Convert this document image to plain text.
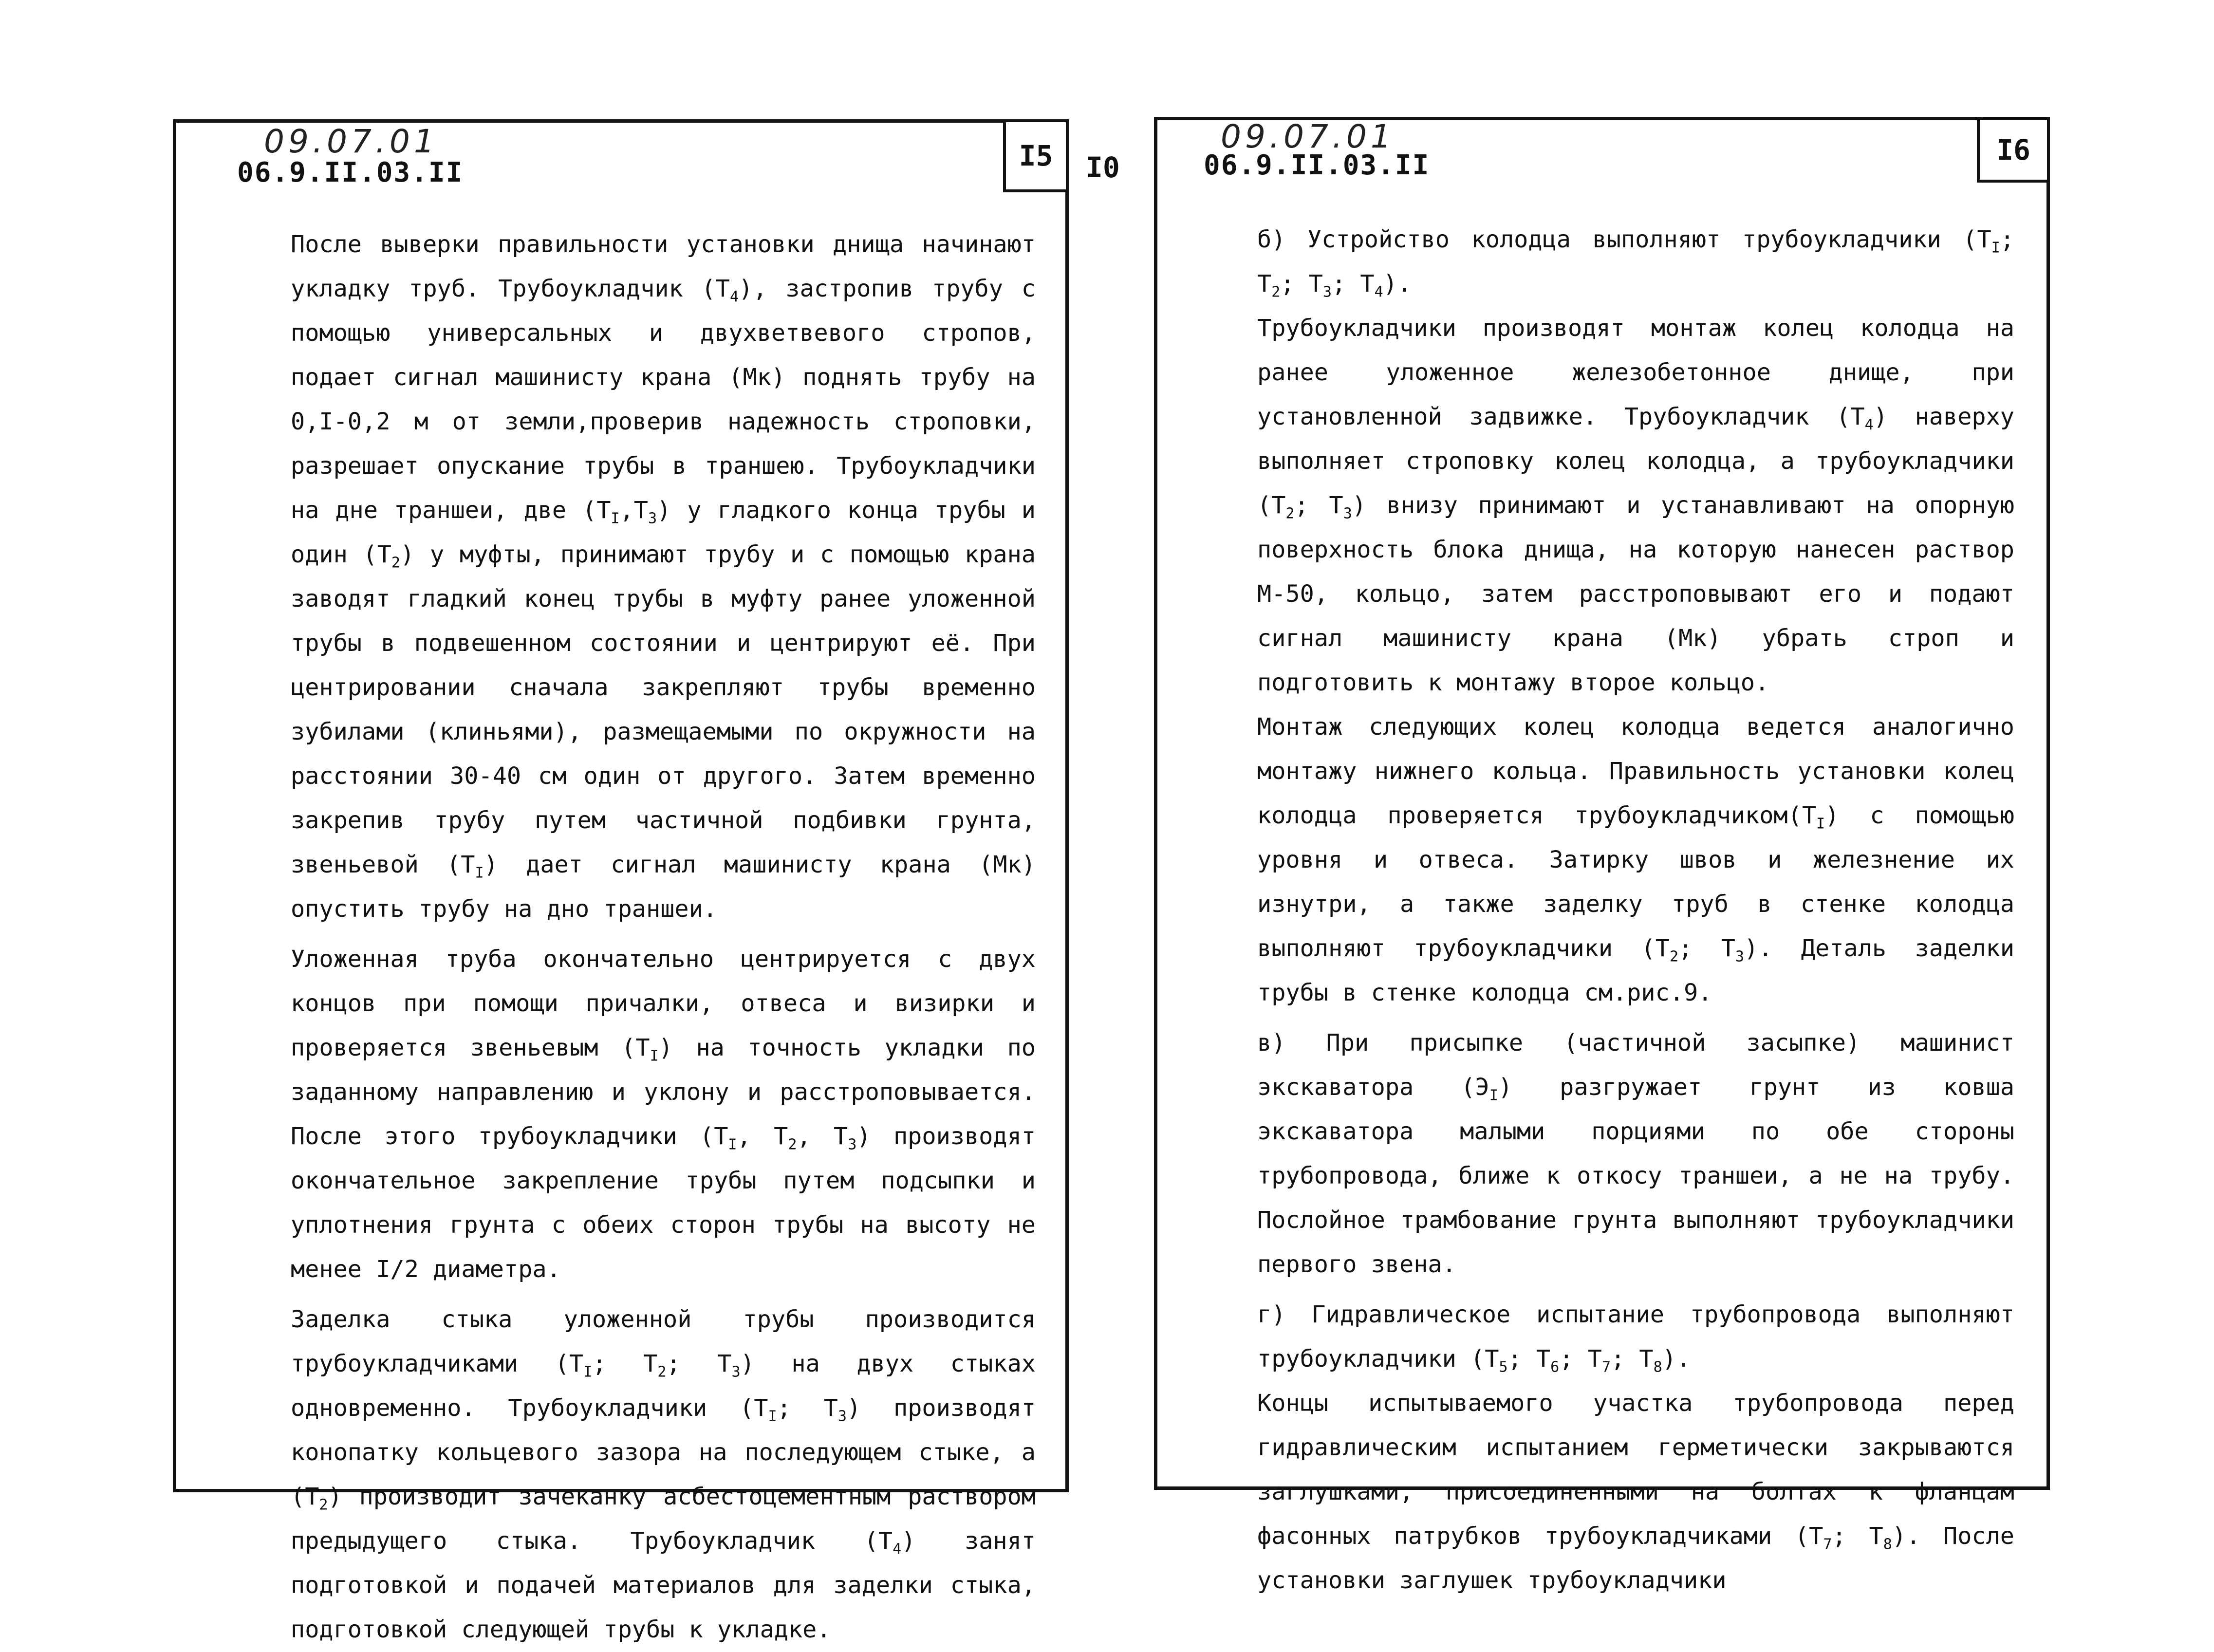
09.07.01
06.9.II.03.II

После выверки правильности установки днища начинают укладку труб. Трубоукладчик $(Т_4)$, застропив трубу с помощью универсальных и двухветвевого стропов, подает сигнал машинисту крана (Мк) поднять трубу на 0,I-0,2 м от земли,проверив надежность строповки, разрешает опускание трубы в траншею. Трубоукладчики на дне траншеи, две $(Т_I,Т_3)$ у гладкого конца трубы и один $(Т_2)$ у муфты, принимают трубу и с помощью крана заводят гладкий конец трубы в муфту ранее уложенной трубы в подвешенном состоянии и центрируют её. При центрировании сначала закрепляют трубы временно зубилами (клиньями), размещаемыми по окружности на расстоянии 30-40 см один от другого. Затем временно закрепив трубу путем частичной подбивки грунта, звеньевой $(Т_I)$ дает сигнал машинисту крана (Мк) опустить трубу на дно траншеи.

Уложенная труба окончательно центрируется с двух концов при помощи причалки, отвеса и визирки и проверяется звеньевым $(Т_I)$ на точность укладки по заданному направлению и уклону и расстроповывается. После этого трубоукладчики ($Т_I$, $Т_2$, $Т_3$) производят окончательное закрепление трубы путем подсыпки и уплотнения грунта с обеих сторон трубы на высоту не менее I/2 диаметра.

Заделка стыка уложенной трубы производится трубоукладчиками ($Т_I$; $Т_2$; $Т_3$) на двух стыках одновременно. Трубоукладчики ($Т_I$; $Т_3$) производят конопатку кольцевого зазора на последующем стыке, а $(Т_2)$ производит зачеканку асбестоцементным раствором предыдущего стыка. Трубоукладчик $(Т_4)$ занят подготовкой и подачей материалов для заделки стыка, подготовкой следующей трубы к укладке.

I5	I0
09.07.01
06.9.II.03.II

б) Устройство колодца выполняют трубоукладчики ($Т_I$; $Т_2$; $Т_3$; $Т_4$).

Трубоукладчики производят монтаж колец колодца на ранее уложенное железобетонное днище, при установленной задвижке. Трубоукладчик $(Т_4)$ наверху выполняет строповку колец колодца, а трубоукладчики ($Т_2$; $Т_3$) внизу принимают и устанавливают на опорную поверхность блока днища, на которую нанесен раствор М-50, кольцо, затем расстроповывают его и подают сигнал машинисту крана (Мк) убрать строп и подготовить к монтажу второе кольцо.

Монтаж следующих колец колодца ведется аналогично монтажу нижнего кольца. Правильность установки колец колодца проверяется $трубоукладчиком(Т_I)$ с помощью уровня и отвеса. Затирку швов и железнение их изнутри, а также заделку труб в стенке колодца выполняют трубоукладчики ($Т_2$; $Т_3$). Деталь заделки трубы в стенке колодца см.рис.9.

в) При присыпке (частичной засыпке) машинист экскаватора $(Э_I)$ разгружает грунт из ковша экскаватора малыми порциями по обе стороны трубопровода, ближе к откосу траншеи, а не на трубу. Послойное трамбование грунта выполняют трубоукладчики первого звена.

г) Гидравлическое испытание трубопровода выполняют трубоукладчики ($Т_5$; $Т_6$; $Т_7$; $Т_8$).

Концы испытываемого участка трубопровода перед гидравлическим испытанием герметически закрываются заглушками, присоединенными на болтах к фланцам фасонных патрубков трубоукладчиками ($Т_7$; $Т_8$). После установки заглушек трубоукладчики

I6
